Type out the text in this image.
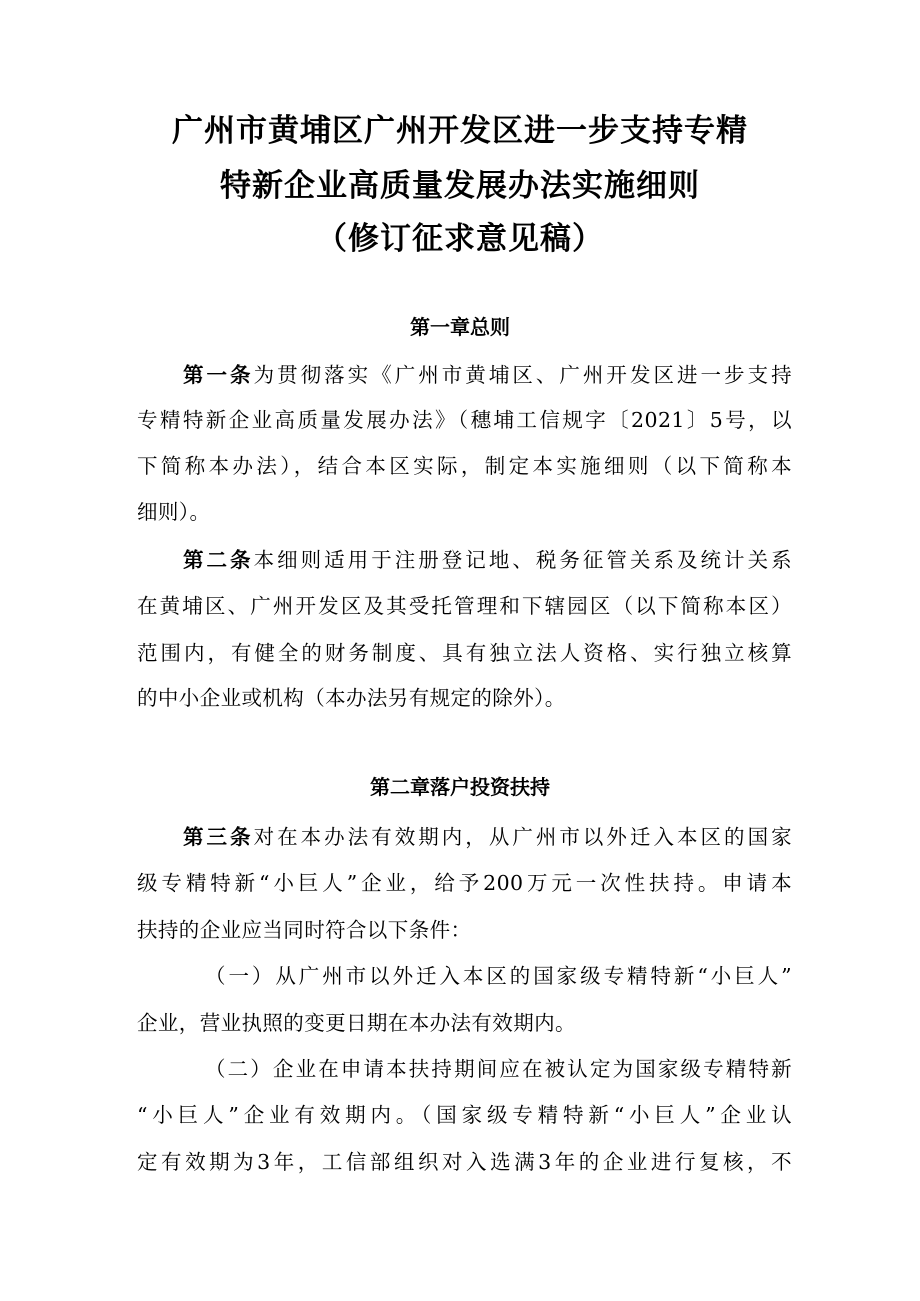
广州市黄埔区广州开发区进一步支持专精
特新企业高质量发展办法实施细则
（修订征求意见稿）
第一章总则
第一条为贯彻落实《广州市黄埔区、广州开发区进一步支持
专精特新企业高质量发展办法》（穗埔工信规字〔2021〕5号，以
下简称本办法），结合本区实际，制定本实施细则（以下简称本
细则）。
第二条本细则适用于注册登记地、税务征管关系及统计关系
在黄埔区、广州开发区及其受托管理和下辖园区（以下简称本区）
范围内，有健全的财务制度、具有独立法人资格、实行独立核算
的中小企业或机构（本办法另有规定的除外）。
第二章落户投资扶持
第三条对在本办法有效期内，从广州市以外迁入本区的国家
级专精特新“小巨人”企业，给予200万元一次性扶持。申请本
扶持的企业应当同时符合以下条件：
（一）从广州市以外迁入本区的国家级专精特新“小巨人”
企业，营业执照的变更日期在本办法有效期内。
（二）企业在申请本扶持期间应在被认定为国家级专精特新
“小巨人”企业有效期内。（国家级专精特新“小巨人”企业认
定有效期为3年，工信部组织对入选满3年的企业进行复核，不
